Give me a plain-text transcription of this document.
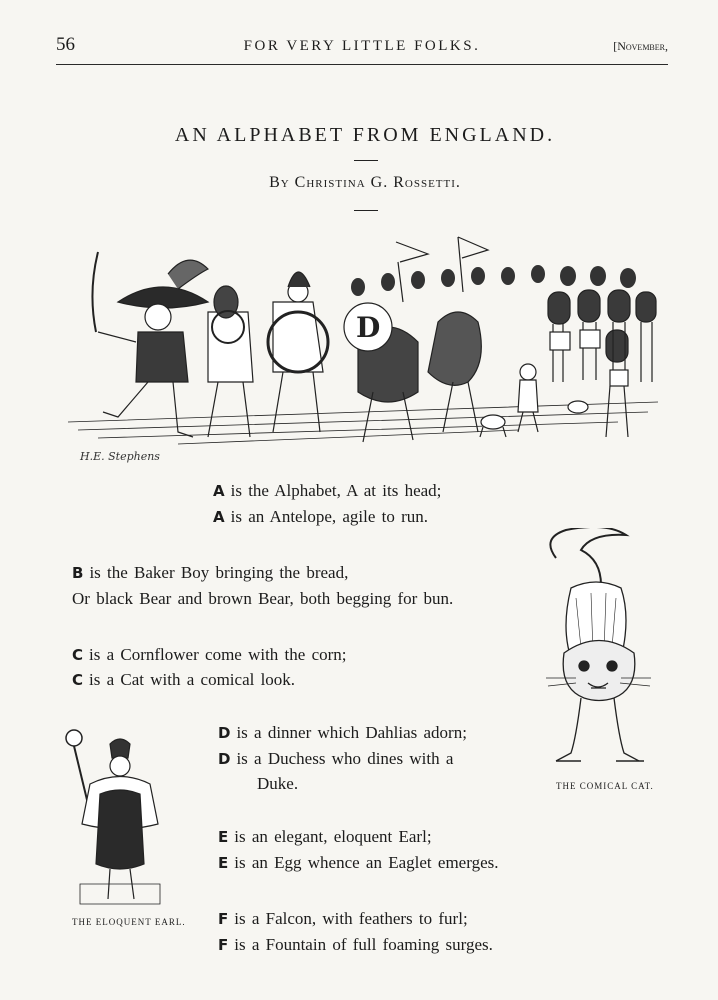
56	FOR VERY LITTLE FOLKS.	[November,
AN ALPHABET FROM ENGLAND.
By Christina G. Rossetti.
D
H.E. Stephens
THE COMICAL CAT.
THE ELOQUENT EARL.
A is the Alphabet, A at its head;
A is an Antelope, agile to run.
B is the Baker Boy bringing the bread,
Or black Bear and brown Bear, both begging for bun.
C is a Cornflower come with the corn;
C is a Cat with a comical look.
D is a dinner which Dahlias adorn;
D is a Duchess who dines with a
Duke.
E is an elegant, eloquent Earl;
E is an Egg whence an Eaglet emerges.
F is a Falcon, with feathers to furl;
F is a Fountain of full foaming surges.
